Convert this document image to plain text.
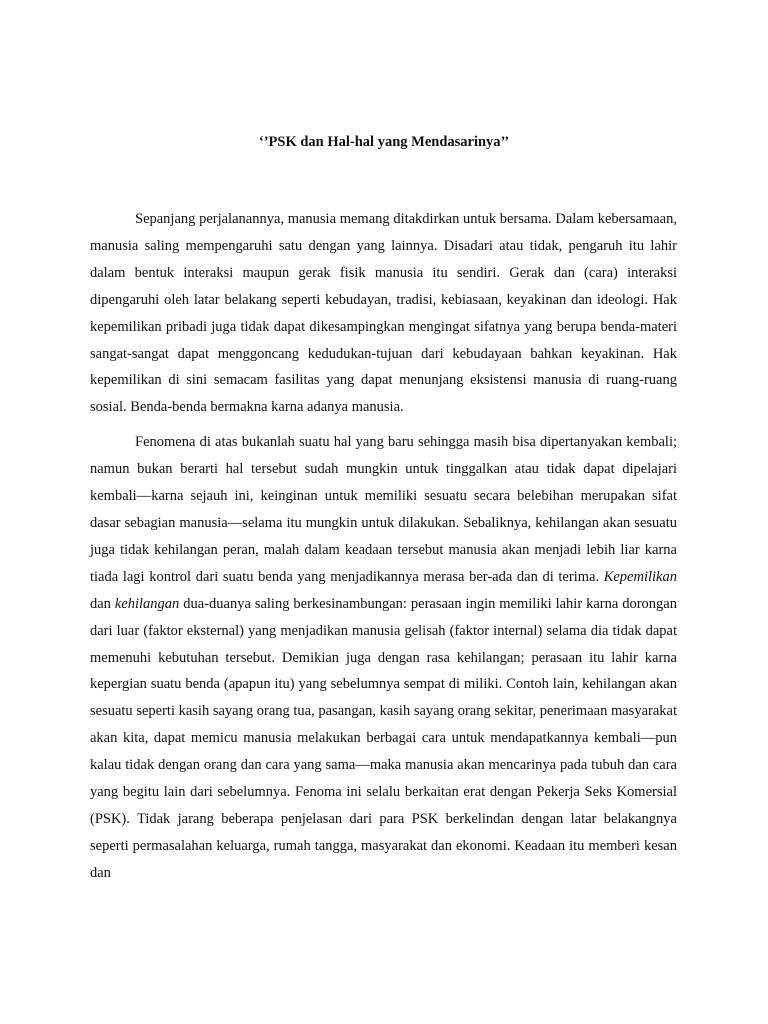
‘’PSK dan Hal-hal yang Mendasarinya’’

Sepanjang perjalanannya, manusia memang ditakdirkan untuk bersama. Dalam kebersamaan, manusia saling mempengaruhi satu dengan yang lainnya. Disadari atau tidak, pengaruh itu lahir dalam bentuk interaksi maupun gerak fisik manusia itu sendiri. Gerak dan (cara) interaksi dipengaruhi oleh latar belakang seperti kebudayan, tradisi, kebiasaan, keyakinan dan ideologi. Hak kepemilikan pribadi juga tidak dapat dikesampingkan mengingat sifatnya yang berupa benda-materi sangat-sangat dapat menggoncang kedudukan-tujuan dari kebudayaan bahkan keyakinan. Hak kepemilikan di sini semacam fasilitas yang dapat menunjang eksistensi manusia di ruang-ruang sosial. Benda-benda bermakna karna adanya manusia.

Fenomena di atas bukanlah suatu hal yang baru sehingga masih bisa dipertanyakan kembali; namun bukan berarti hal tersebut sudah mungkin untuk tinggalkan atau tidak dapat dipelajari kembali—karna sejauh ini, keinginan untuk memiliki sesuatu secara belebihan merupakan sifat dasar sebagian manusia—selama itu mungkin untuk dilakukan. Sebaliknya, kehilangan akan sesuatu juga tidak kehilangan peran, malah dalam keadaan tersebut manusia akan menjadi lebih liar karna tiada lagi kontrol dari suatu benda yang menjadikannya merasa ber-ada dan di terima. Kepemilikan dan kehilangan dua-duanya saling berkesinambungan: perasaan ingin memiliki lahir karna dorongan dari luar (faktor eksternal) yang menjadikan manusia gelisah (faktor internal) selama dia tidak dapat memenuhi kebutuhan tersebut. Demikian juga dengan rasa kehilangan; perasaan itu lahir karna kepergian suatu benda (apapun itu) yang sebelumnya sempat di miliki. Contoh lain, kehilangan akan sesuatu seperti kasih sayang orang tua, pasangan, kasih sayang orang sekitar, penerimaan masyarakat akan kita, dapat memicu manusia melakukan berbagai cara untuk mendapatkannya kembali—pun kalau tidak dengan orang dan cara yang sama—maka manusia akan mencarinya pada tubuh dan cara yang begitu lain dari sebelumnya. Fenoma ini selalu berkaitan erat dengan Pekerja Seks Komersial (PSK). Tidak jarang beberapa penjelasan dari para PSK berkelindan dengan latar belakangnya seperti permasalahan keluarga, rumah tangga, masyarakat dan ekonomi. Keadaan itu memberi kesan dan
